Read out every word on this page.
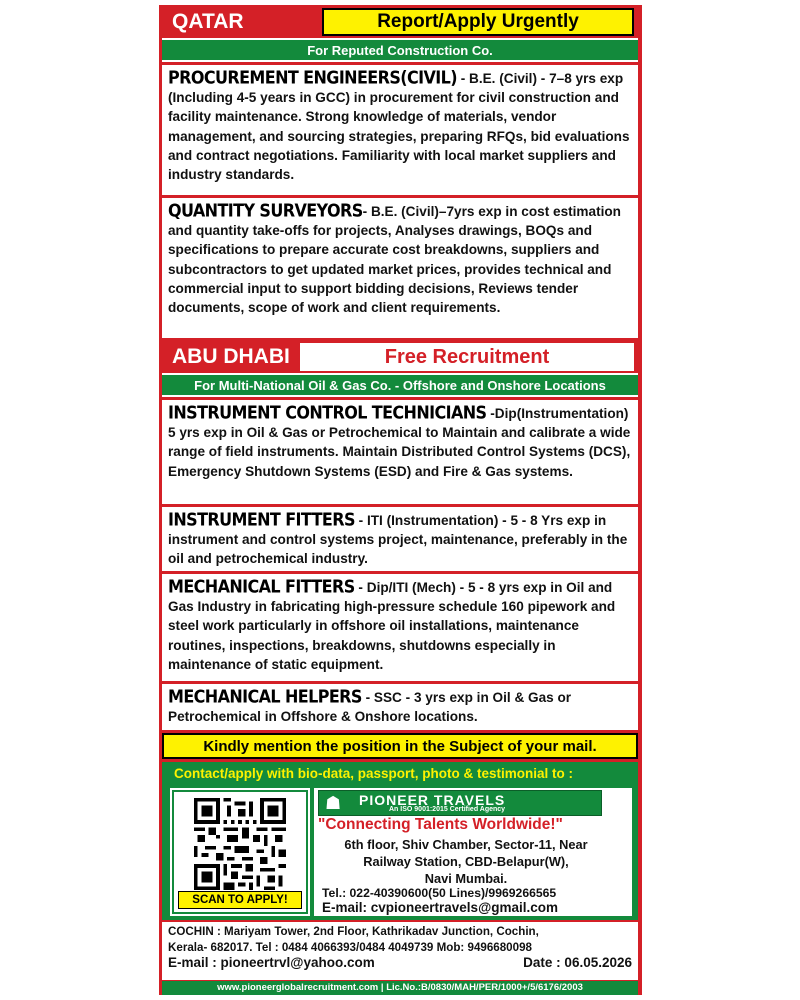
QATAR	Report/Apply Urgently
For Reputed Construction Co.
PROCUREMENT ENGINEERS(CIVIL) - B.E. (Civil) - 7–8 yrs exp (Including 4-5 years in GCC) in procurement for civil construction and facility maintenance. Strong knowledge of materials, vendor management, and sourcing strategies, preparing RFQs, bid evaluations and contract negotiations. Familiarity with local market suppliers and industry standards.
QUANTITY SURVEYORS- B.E. (Civil)–7yrs exp in cost estimation and quantity take-offs for projects, Analyses drawings, BOQs and specifications to prepare accurate cost breakdowns, suppliers and subcontractors to get updated market prices, provides technical and commercial input to support bidding decisions, Reviews tender documents, scope of work and client requirements.
ABU DHABI	Free Recruitment
For Multi-National Oil & Gas Co. - Offshore and Onshore Locations
INSTRUMENT CONTROL TECHNICIANS -Dip(Instrumentation) 5 yrs exp in Oil & Gas or Petrochemical to Maintain and calibrate a wide range of field instruments. Maintain Distributed Control Systems (DCS), Emergency Shutdown Systems (ESD) and Fire & Gas systems.
INSTRUMENT FITTERS - ITI (Instrumentation) - 5 - 8 Yrs exp in instrument and control systems project, maintenance, preferably in the oil and petrochemical industry.
MECHANICAL FITTERS - Dip/ITI (Mech) - 5 - 8 yrs exp in Oil and Gas Industry in fabricating high-pressure schedule 160 pipework and steel work particularly in offshore oil installations, maintenance routines, inspections, breakdowns, shutdowns especially in maintenance of static equipment.
MECHANICAL HELPERS - SSC - 3 yrs exp in Oil & Gas or Petrochemical in Offshore & Onshore locations.
Kindly mention the position in the Subject of your mail.
Contact/apply with bio-data, passport, photo & testimonial to :
SCAN TO APPLY!
☗ PIONEER TRAVELS
An ISO 9001:2015 Certified Agency
"Connecting Talents Worldwide!"
6th floor, Shiv Chamber, Sector-11, Near
Railway Station, CBD-Belapur(W),
Navi Mumbai.
Tel.: 022-40390600(50 Lines)/9969266565
E-mail: cvpioneertravels@gmail.com
COCHIN : Mariyam Tower, 2nd Floor, Kathrikadav Junction, Cochin,
Kerala- 682017. Tel : 0484 4066393/0484 4049739 Mob: 9496680098
E-mail : pioneertrvl@yahoo.com	Date : 06.05.2026
www.pioneerglobalrecruitment.com | Lic.No.:B/0830/MAH/PER/1000+/5/6176/2003
